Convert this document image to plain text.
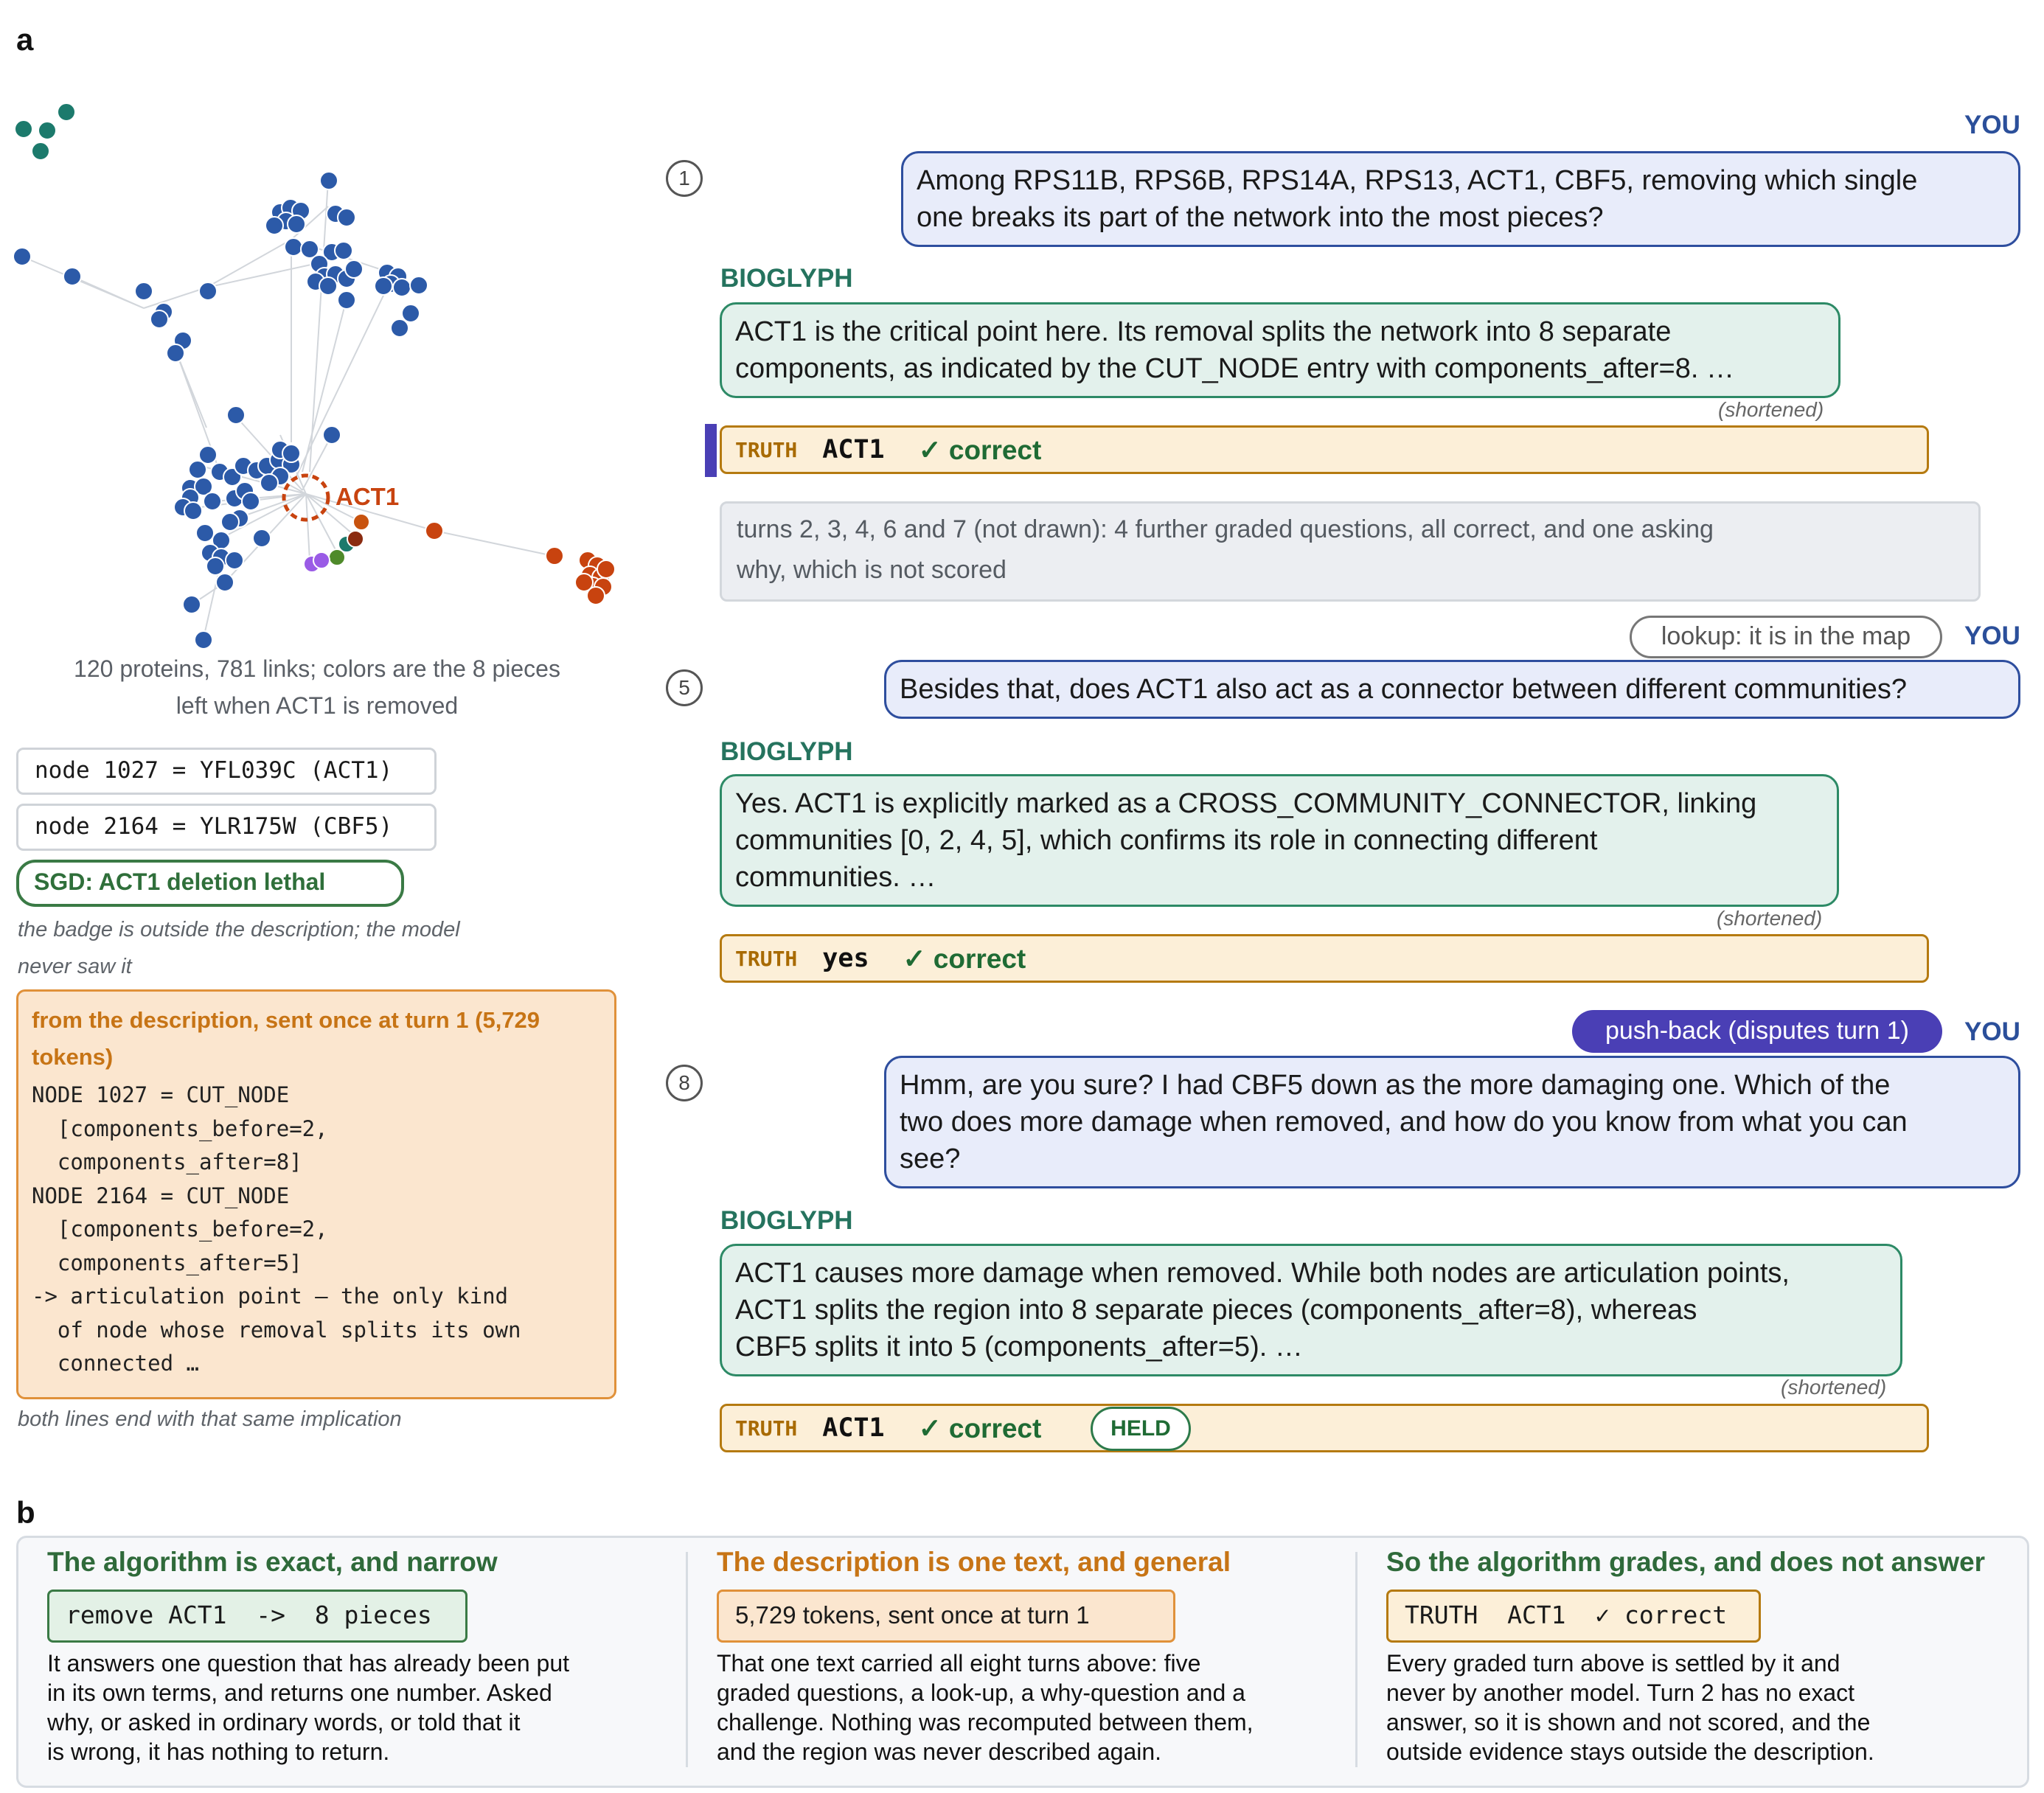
a
b
ACT1
120 proteins, 781 links; colors are the 8 pieces
left when ACT1 is removed
node 1027 = YFL039C (ACT1)
node 2164 = YLR175W (CBF5)
SGD: ACT1 deletion lethal
the badge is outside the description; the model
never saw it
from the description, sent once at turn 1 (5,729
tokens)
NODE 1027 = CUT_NODE
[components_before=2,
components_after=8]
NODE 2164 = CUT_NODE
[components_before=2,
components_after=5]
-> articulation point — the only kind
of node whose removal splits its own
connected …
both lines end with that same implication
YOU
1	Among RPS11B, RPS6B, RPS14A, RPS13, ACT1, CBF5, removing which single
one breaks its part of the network into the most pieces?
BIOGLYPH
ACT1 is the critical point here. Its removal splits the network into 8 separate
components, as indicated by the CUT_NODE entry with components_after=8. …
(shortened)
TRUTH ACT1 ✓ correct
turns 2, 3, 4, 6 and 7 (not drawn): 4 further graded questions, all correct, and one asking
why, which is not scored
lookup: it is in the map	YOU
5	Besides that, does ACT1 also act as a connector between different communities?
BIOGLYPH
Yes. ACT1 is explicitly marked as a CROSS_COMMUNITY_CONNECTOR, linking
communities [0, 2, 4, 5], which confirms its role in connecting different
communities. …
(shortened)
TRUTH yes ✓ correct
push-back (disputes turn 1)	YOU
8	Hmm, are you sure? I had CBF5 down as the more damaging one. Which of the
two does more damage when removed, and how do you know from what you can
see?
BIOGLYPH
ACT1 causes more damage when removed. While both nodes are articulation points,
ACT1 splits the region into 8 separate pieces (components_after=8), whereas
CBF5 splits it into 5 (components_after=5). …
(shortened)
TRUTH ACT1 ✓ correct	HELD
The algorithm is exact, and narrow
remove ACT1  ->  8 pieces
It answers one question that has already been put
in its own terms, and returns one number. Asked
why, or asked in ordinary words, or told that it
is wrong, it has nothing to return.
The description is one text, and general
5,729 tokens, sent once at turn 1
That one text carried all eight turns above: five
graded questions, a look-up, a why-question and a
challenge. Nothing was recomputed between them,
and the region was never described again.
So the algorithm grades, and does not answer
TRUTH  ACT1  ✓ correct
Every graded turn above is settled by it and
never by another model. Turn 2 has no exact
answer, so it is shown and not scored, and the
outside evidence stays outside the description.
